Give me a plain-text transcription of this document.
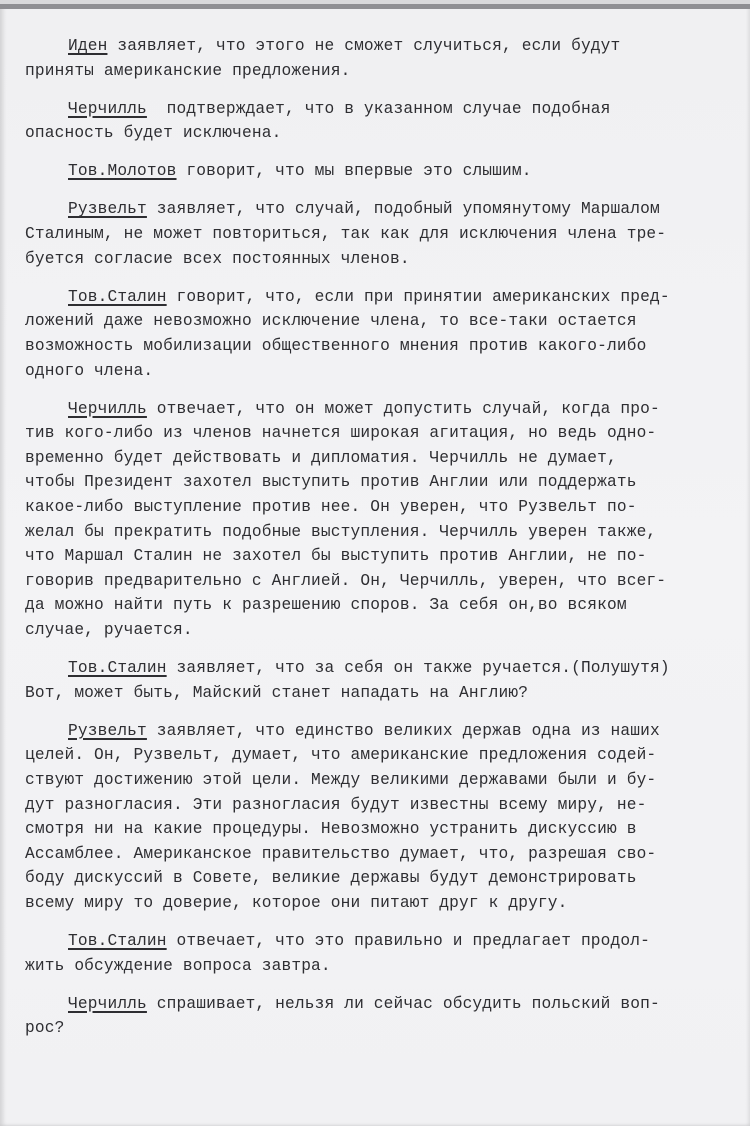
Иден заявляет, что этого не сможет случиться, если будут
приняты американские предложения.
Черчилль  подтверждает, что в указанном случае подобная
опасность будет исключена.
Тов.Молотов говорит, что мы впервые это слышим.
Рузвельт заявляет, что случай, подобный упомянутому Маршалом
Сталиным, не может повториться, так как для исключения члена тре-
буется согласие всех постоянных членов.
Тов.Сталин говорит, что, если при принятии американских пред-
ложений даже невозможно исключение члена, то все-таки остается
возможность мобилизации общественного мнения против какого-либо
одного члена.
Черчилль отвечает, что он может допустить случай, когда про-
тив кого-либо из членов начнется широкая агитация, но ведь одно-
временно будет действовать и дипломатия. Черчилль не думает,
чтобы Президент захотел выступить против Англии или поддержать
какое-либо выступление против нее. Он уверен, что Рузвельт по-
желал бы прекратить подобные выступления. Черчилль уверен также,
что Маршал Сталин не захотел бы выступить против Англии, не по-
говорив предварительно с Англией. Он, Черчилль, уверен, что всег-
да можно найти путь к разрешению споров. За себя он,во всяком
случае, ручается.
Тов.Сталин заявляет, что за себя он также ручается.(Полушутя)
Вот, может быть, Майский станет нападать на Англию?
Рузвельт заявляет, что единство великих держав одна из наших
целей. Он, Рузвельт, думает, что американские предложения содей-
ствуют достижению этой цели. Между великими державами были и бу-
дут разногласия. Эти разногласия будут известны всему миру, не-
смотря ни на какие процедуры. Невозможно устранить дискуссию в
Ассамблее. Американское правительство думает, что, разрешая сво-
боду дискуссий в Совете, великие державы будут демонстрировать
всему миру то доверие, которое они питают друг к другу.
Тов.Сталин отвечает, что это правильно и предлагает продол-
жить обсуждение вопроса завтра.
Черчилль спрашивает, нельзя ли сейчас обсудить польский воп-
рос?
